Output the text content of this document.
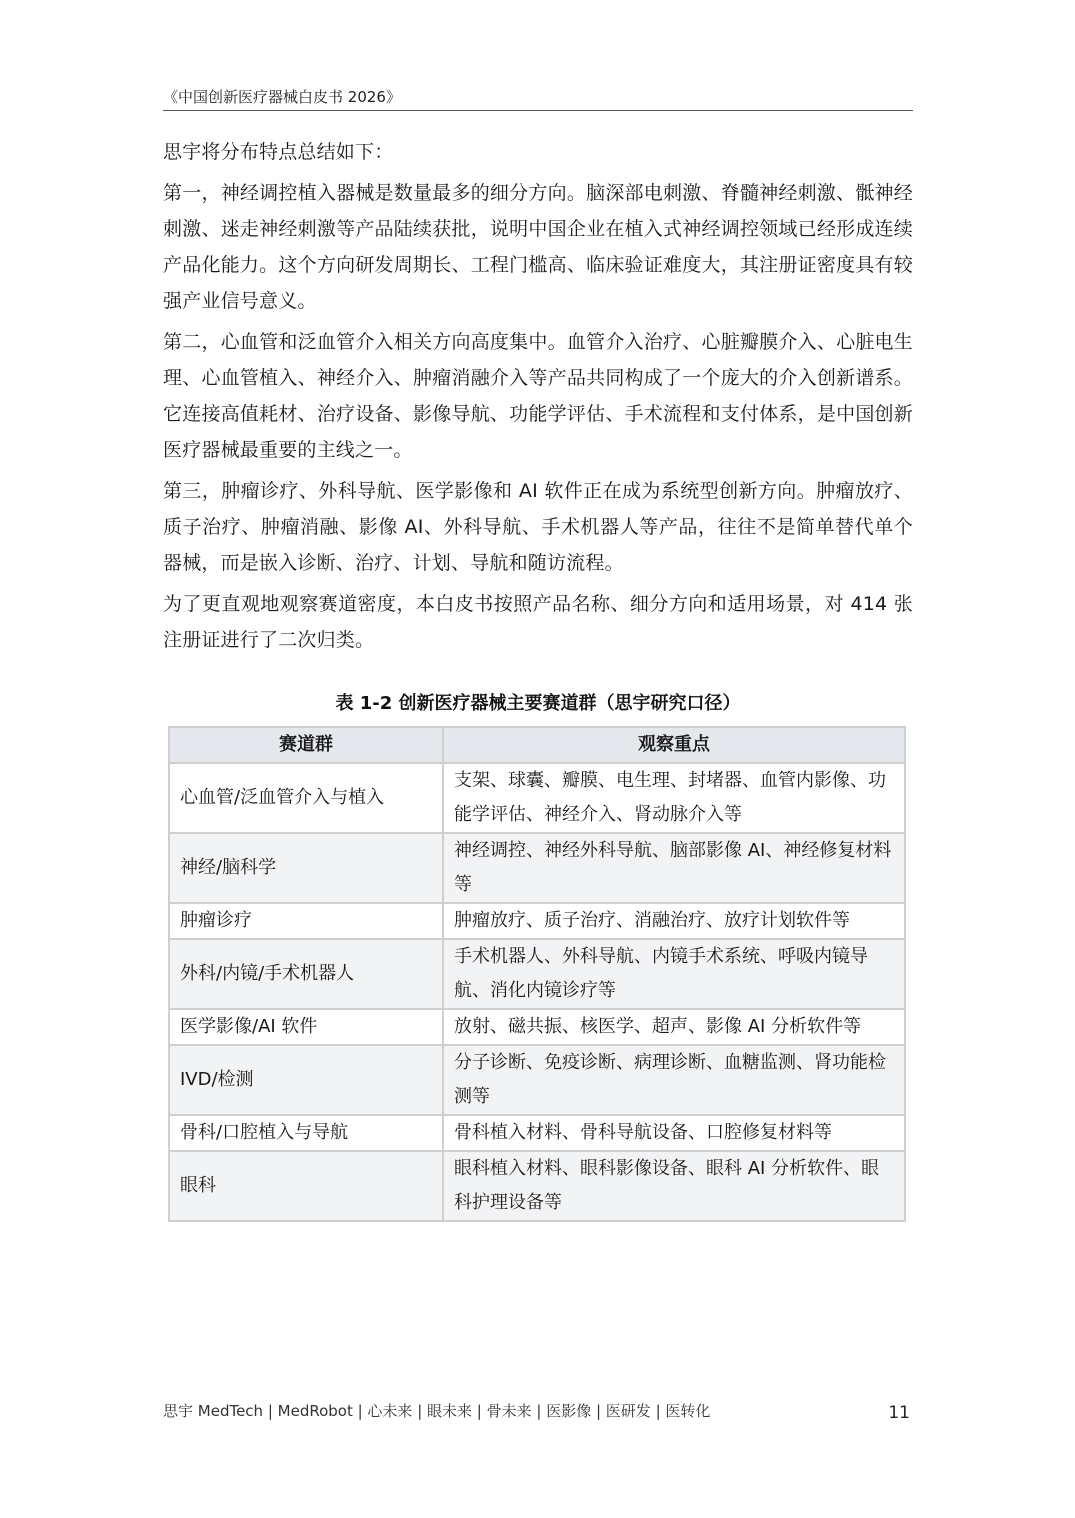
《中国创新医疗器械白皮书 2026》

思宇将分布特点总结如下：

第一，神经调控植入器械是数量最多的细分方向。脑深部电刺激、脊髓神经刺激、骶神经刺激、迷走神经刺激等产品陆续获批，说明中国企业在植入式神经调控领域已经形成连续产品化能力。这个方向研发周期长、工程门槛高、临床验证难度大，其注册证密度具有较强产业信号意义。

第二，心血管和泛血管介入相关方向高度集中。血管介入治疗、心脏瓣膜介入、心脏电生理、心血管植入、神经介入、肿瘤消融介入等产品共同构成了一个庞大的介入创新谱系。它连接高值耗材、治疗设备、影像导航、功能学评估、手术流程和支付体系，是中国创新医疗器械最重要的主线之一。

第三，肿瘤诊疗、外科导航、医学影像和 AI 软件正在成为系统型创新方向。肿瘤放疗、质子治疗、肿瘤消融、影像 AI、外科导航、手术机器人等产品，往往不是简单替代单个器械，而是嵌入诊断、治疗、计划、导航和随访流程。

为了更直观地观察赛道密度，本白皮书按照产品名称、细分方向和适用场景，对 414 张注册证进行了二次归类。

表 1-2 创新医疗器械主要赛道群（思宇研究口径）
赛道群	观察重点
心血管/泛血管介入与植入	支架、球囊、瓣膜、电生理、封堵器、血管内影像、功能学评估、神经介入、肾动脉介入等
神经/脑科学	神经调控、神经外科导航、脑部影像 AI、神经修复材料等
肿瘤诊疗	肿瘤放疗、质子治疗、消融治疗、放疗计划软件等
外科/内镜/手术机器人	手术机器人、外科导航、内镜手术系统、呼吸内镜导航、消化内镜诊疗等
医学影像/AI 软件	放射、磁共振、核医学、超声、影像 AI 分析软件等
IVD/检测	分子诊断、免疫诊断、病理诊断、血糖监测、肾功能检测等
骨科/口腔植入与导航	骨科植入材料、骨科导航设备、口腔修复材料等
眼科	眼科植入材料、眼科影像设备、眼科 AI 分析软件、眼科护理设备等
思宇 MedTech | MedRobot | 心未来 | 眼未来 | 骨未来 | 医影像 | 医研发 | 医转化	11
